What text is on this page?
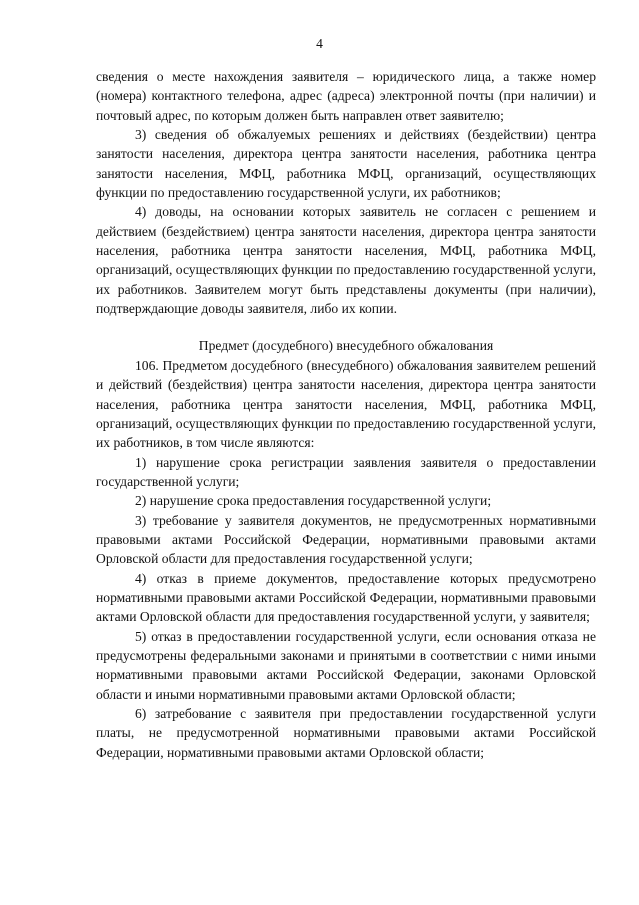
4

сведения о месте нахождения заявителя – юридического лица, а также номер (номера) контактного телефона, адрес (адреса) электронной почты (при наличии) и почтовый адрес, по которым должен быть направлен ответ заявителю;

3) сведения об обжалуемых решениях и действиях (бездействии) центра занятости населения, директора центра занятости населения, работника центра занятости населения, МФЦ, работника МФЦ, организаций, осуществляющих функции по предоставлению государственной услуги, их работников;

4) доводы, на основании которых заявитель не согласен с решением и действием (бездействием) центра занятости населения, директора центра занятости населения, работника центра занятости населения, МФЦ, работника МФЦ, организаций, осуществляющих функции по предоставлению государственной услуги, их работников. Заявителем могут быть представлены документы (при наличии), подтверждающие доводы заявителя, либо их копии.

Предмет (досудебного) внесудебного обжалования

106. Предметом досудебного (внесудебного) обжалования заявителем решений и действий (бездействия) центра занятости населения, директора центра занятости населения, работника центра занятости населения, МФЦ, работника МФЦ, организаций, осуществляющих функции по предоставлению государственной услуги, их работников, в том числе являются:

1) нарушение срока регистрации заявления заявителя о предоставлении государственной услуги;

2) нарушение срока предоставления государственной услуги;

3) требование у заявителя документов, не предусмотренных нормативными правовыми актами Российской Федерации, нормативными правовыми актами Орловской области для предоставления государственной услуги;

4) отказ в приеме документов, предоставление которых предусмотрено нормативными правовыми актами Российской Федерации, нормативными правовыми актами Орловской области для предоставления государственной услуги, у заявителя;

5) отказ в предоставлении государственной услуги, если основания отказа не предусмотрены федеральными законами и принятыми в соответствии с ними иными нормативными правовыми актами Российской Федерации, законами Орловской области и иными нормативными правовыми актами Орловской области;

6) затребование с заявителя при предоставлении государственной услуги платы, не предусмотренной нормативными правовыми актами Российской Федерации, нормативными правовыми актами Орловской области;
